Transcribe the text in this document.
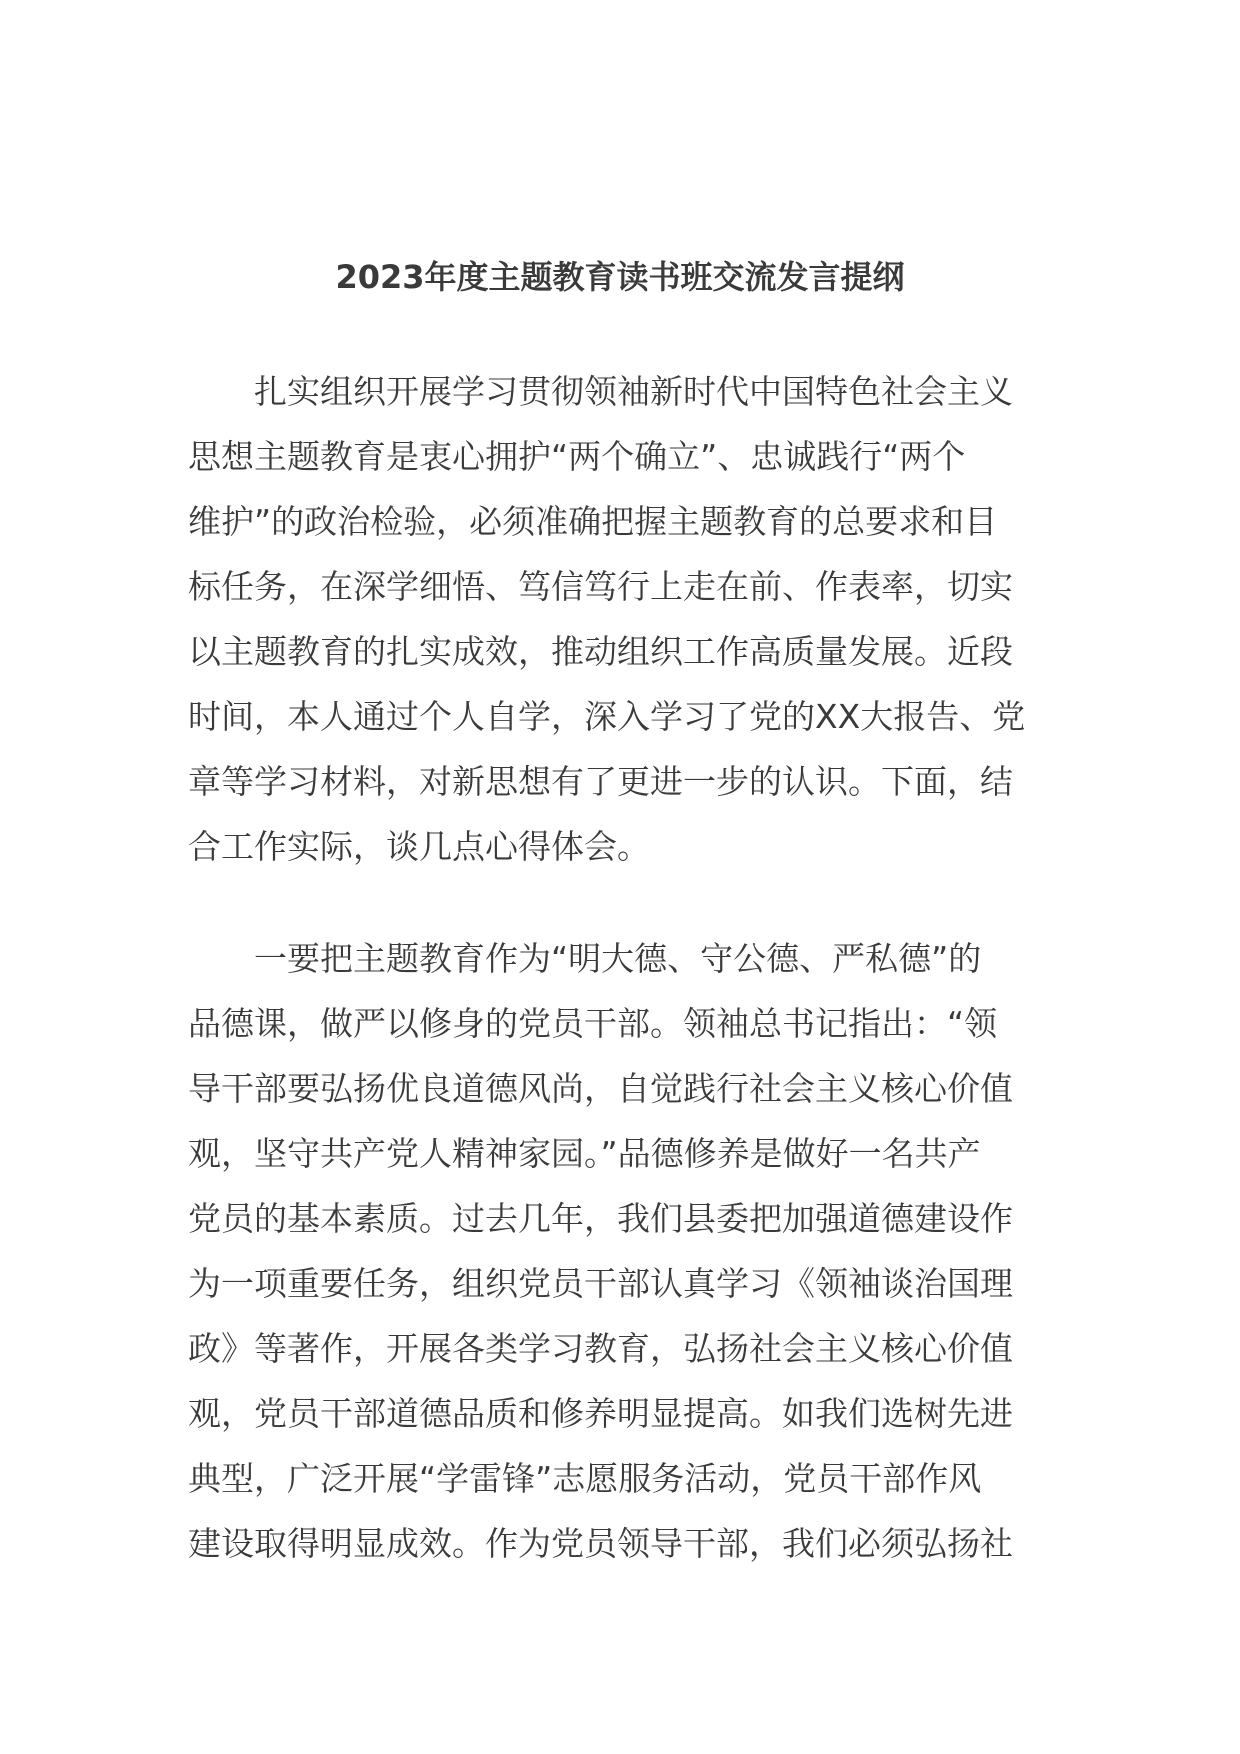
2023年度主题教育读书班交流发言提纲
扎实组织开展学习贯彻领袖新时代中国特色社会主义
思想主题教育是衷心拥护“两个确立”、忠诚践行“两个
维护”的政治检验，必须准确把握主题教育的总要求和目
标任务，在深学细悟、笃信笃行上走在前、作表率，切实
以主题教育的扎实成效，推动组织工作高质量发展。近段
时间，本人通过个人自学，深入学习了党的XX大报告、党
章等学习材料，对新思想有了更进一步的认识。下面，结
合工作实际，谈几点心得体会。
一要把主题教育作为“明大德、守公德、严私德”的
品德课，做严以修身的党员干部。领袖总书记指出：“领
导干部要弘扬优良道德风尚，自觉践行社会主义核心价值
观，坚守共产党人精神家园。”品德修养是做好一名共产
党员的基本素质。过去几年，我们县委把加强道德建设作
为一项重要任务，组织党员干部认真学习《领袖谈治国理
政》等著作，开展各类学习教育，弘扬社会主义核心价值
观，党员干部道德品质和修养明显提高。如我们选树先进
典型，广泛开展“学雷锋”志愿服务活动，党员干部作风
建设取得明显成效。作为党员领导干部，我们必须弘扬社
